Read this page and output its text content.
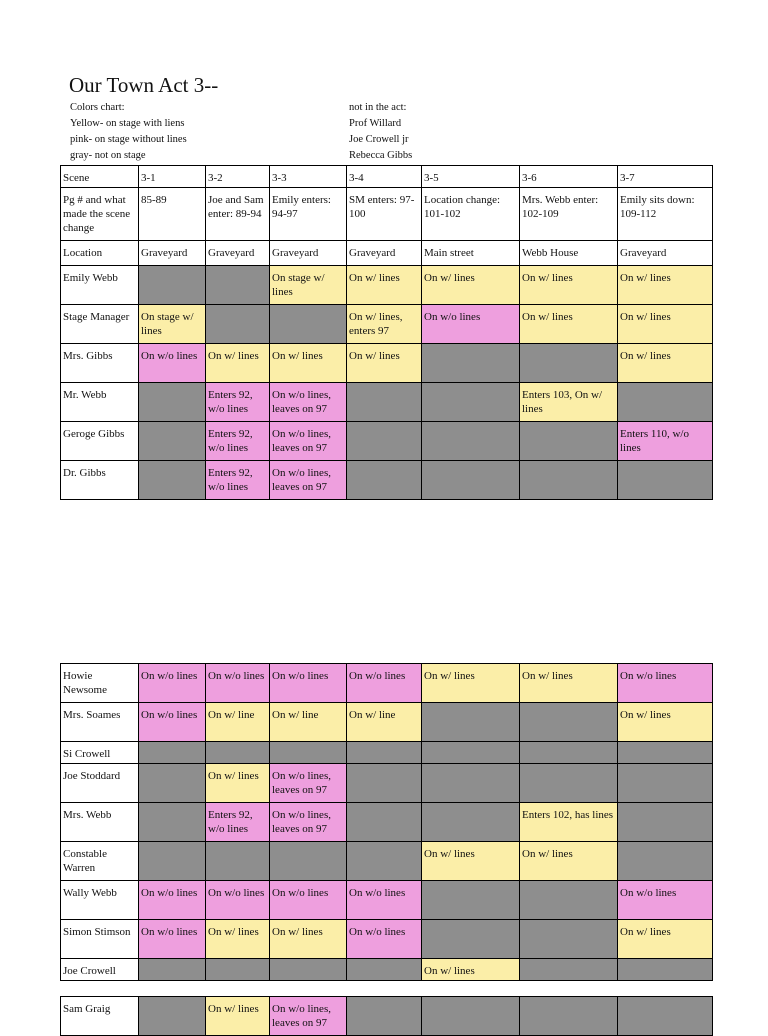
Our Town Act 3--
Colors chart:
Yellow- on stage with liens
pink- on stage without lines
gray- not on stage
not in the act:
Prof Willard
Joe Crowell jr
Rebecca Gibbs
Scene	3-1	3-2	3-3	3-4	3-5	3-6	3-7
Pg # and what made the scene change	85-89	Joe and Sam enter: 89-94	Emily enters: 94-97	SM enters: 97-100	Location change: 101-102	Mrs. Webb enter: 102-109	Emily sits down: 109-112
Location	Graveyard	Graveyard	Graveyard	Graveyard	Main street	Webb House	Graveyard
Emily Webb			On stage w/ lines	On w/ lines	On w/ lines	On w/ lines	On w/ lines
Stage Manager	On stage w/ lines			On w/ lines, enters 97	On w/o lines	On w/ lines	On w/ lines
Mrs. Gibbs	On w/o lines	On w/ lines	On w/ lines	On w/ lines			On w/ lines
Mr. Webb		Enters 92, w/o lines	On w/o lines, leaves on 97			Enters 103, On w/ lines	
Geroge Gibbs		Enters 92, w/o lines	On w/o lines, leaves on 97				Enters 110, w/o lines
Dr. Gibbs		Enters 92, w/o lines	On w/o lines, leaves on 97				
Howie Newsome	On w/o lines	On w/o lines	On w/o lines	On w/o lines	On w/ lines	On w/ lines	On w/o lines
Mrs. Soames	On w/o lines	On w/ line	On w/ line	On w/ line			On w/ lines
Si Crowell							
Joe Stoddard		On w/ lines	On w/o lines, leaves on 97				
Mrs. Webb		Enters 92, w/o lines	On w/o lines, leaves on 97			Enters 102, has lines	
Constable Warren					On w/ lines	On w/ lines	
Wally Webb	On w/o lines	On w/o lines	On w/o lines	On w/o lines			On w/o lines
Simon Stimson	On w/o lines	On w/ lines	On w/ lines	On w/o lines			On w/ lines
Joe Crowell					On w/ lines		
Sam Graig		On w/ lines	On w/o lines, leaves on 97				
